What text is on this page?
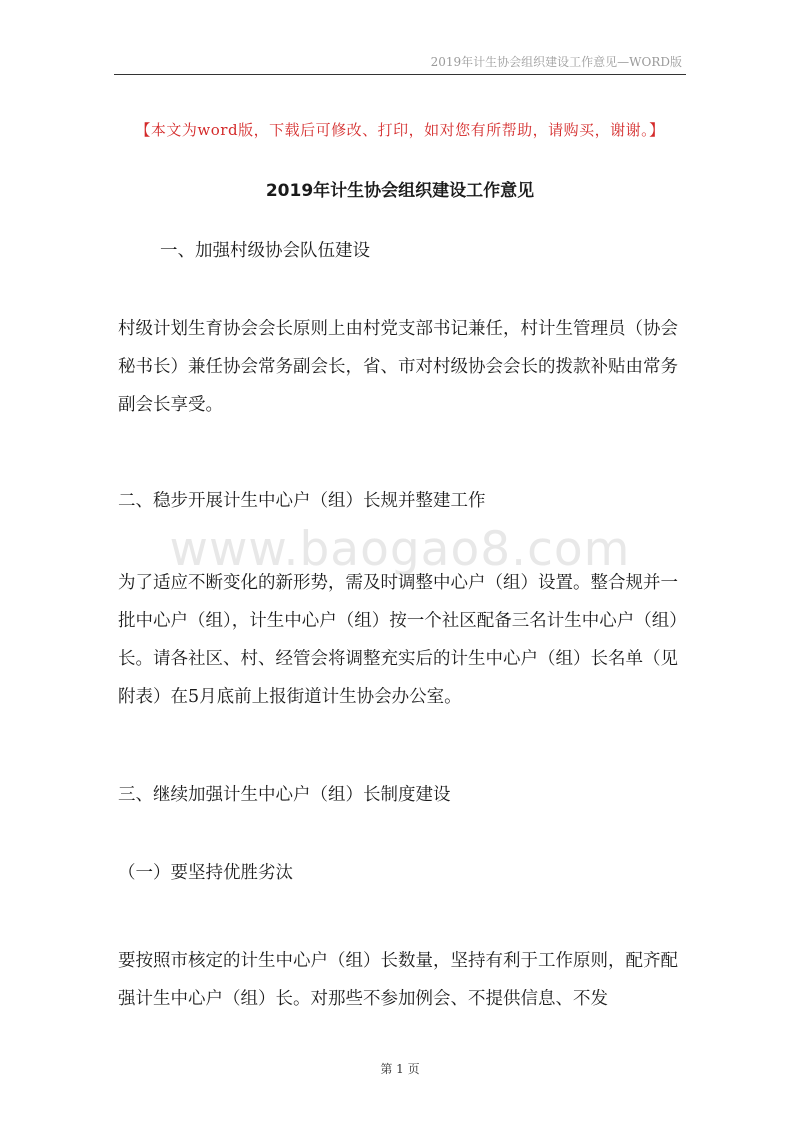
2019年计生协会组织建设工作意见—WORD版
【本文为word版，下载后可修改、打印，如对您有所帮助，请购买，谢谢。】
2019年计生协会组织建设工作意见

一、加强村级协会队伍建设

村级计划生育协会会长原则上由村党支部书记兼任，村计生管理员（协会秘书长）兼任协会常务副会长，省、市对村级协会会长的拨款补贴由常务副会长享受。

二、稳步开展计生中心户（组）长规并整建工作

www.baogao8.com

为了适应不断变化的新形势，需及时调整中心户（组）设置。整合规并一批中心户（组），计生中心户（组）按一个社区配备三名计生中心户（组）长。请各社区、村、经管会将调整充实后的计生中心户（组）长名单（见附表）在5月底前上报街道计生协会办公室。

三、继续加强计生中心户（组）长制度建设

（一）要坚持优胜劣汰

要按照市核定的计生中心户（组）长数量，坚持有利于工作原则，配齐配强计生中心户（组）长。对那些不参加例会、不提供信息、不发

第 1 页
